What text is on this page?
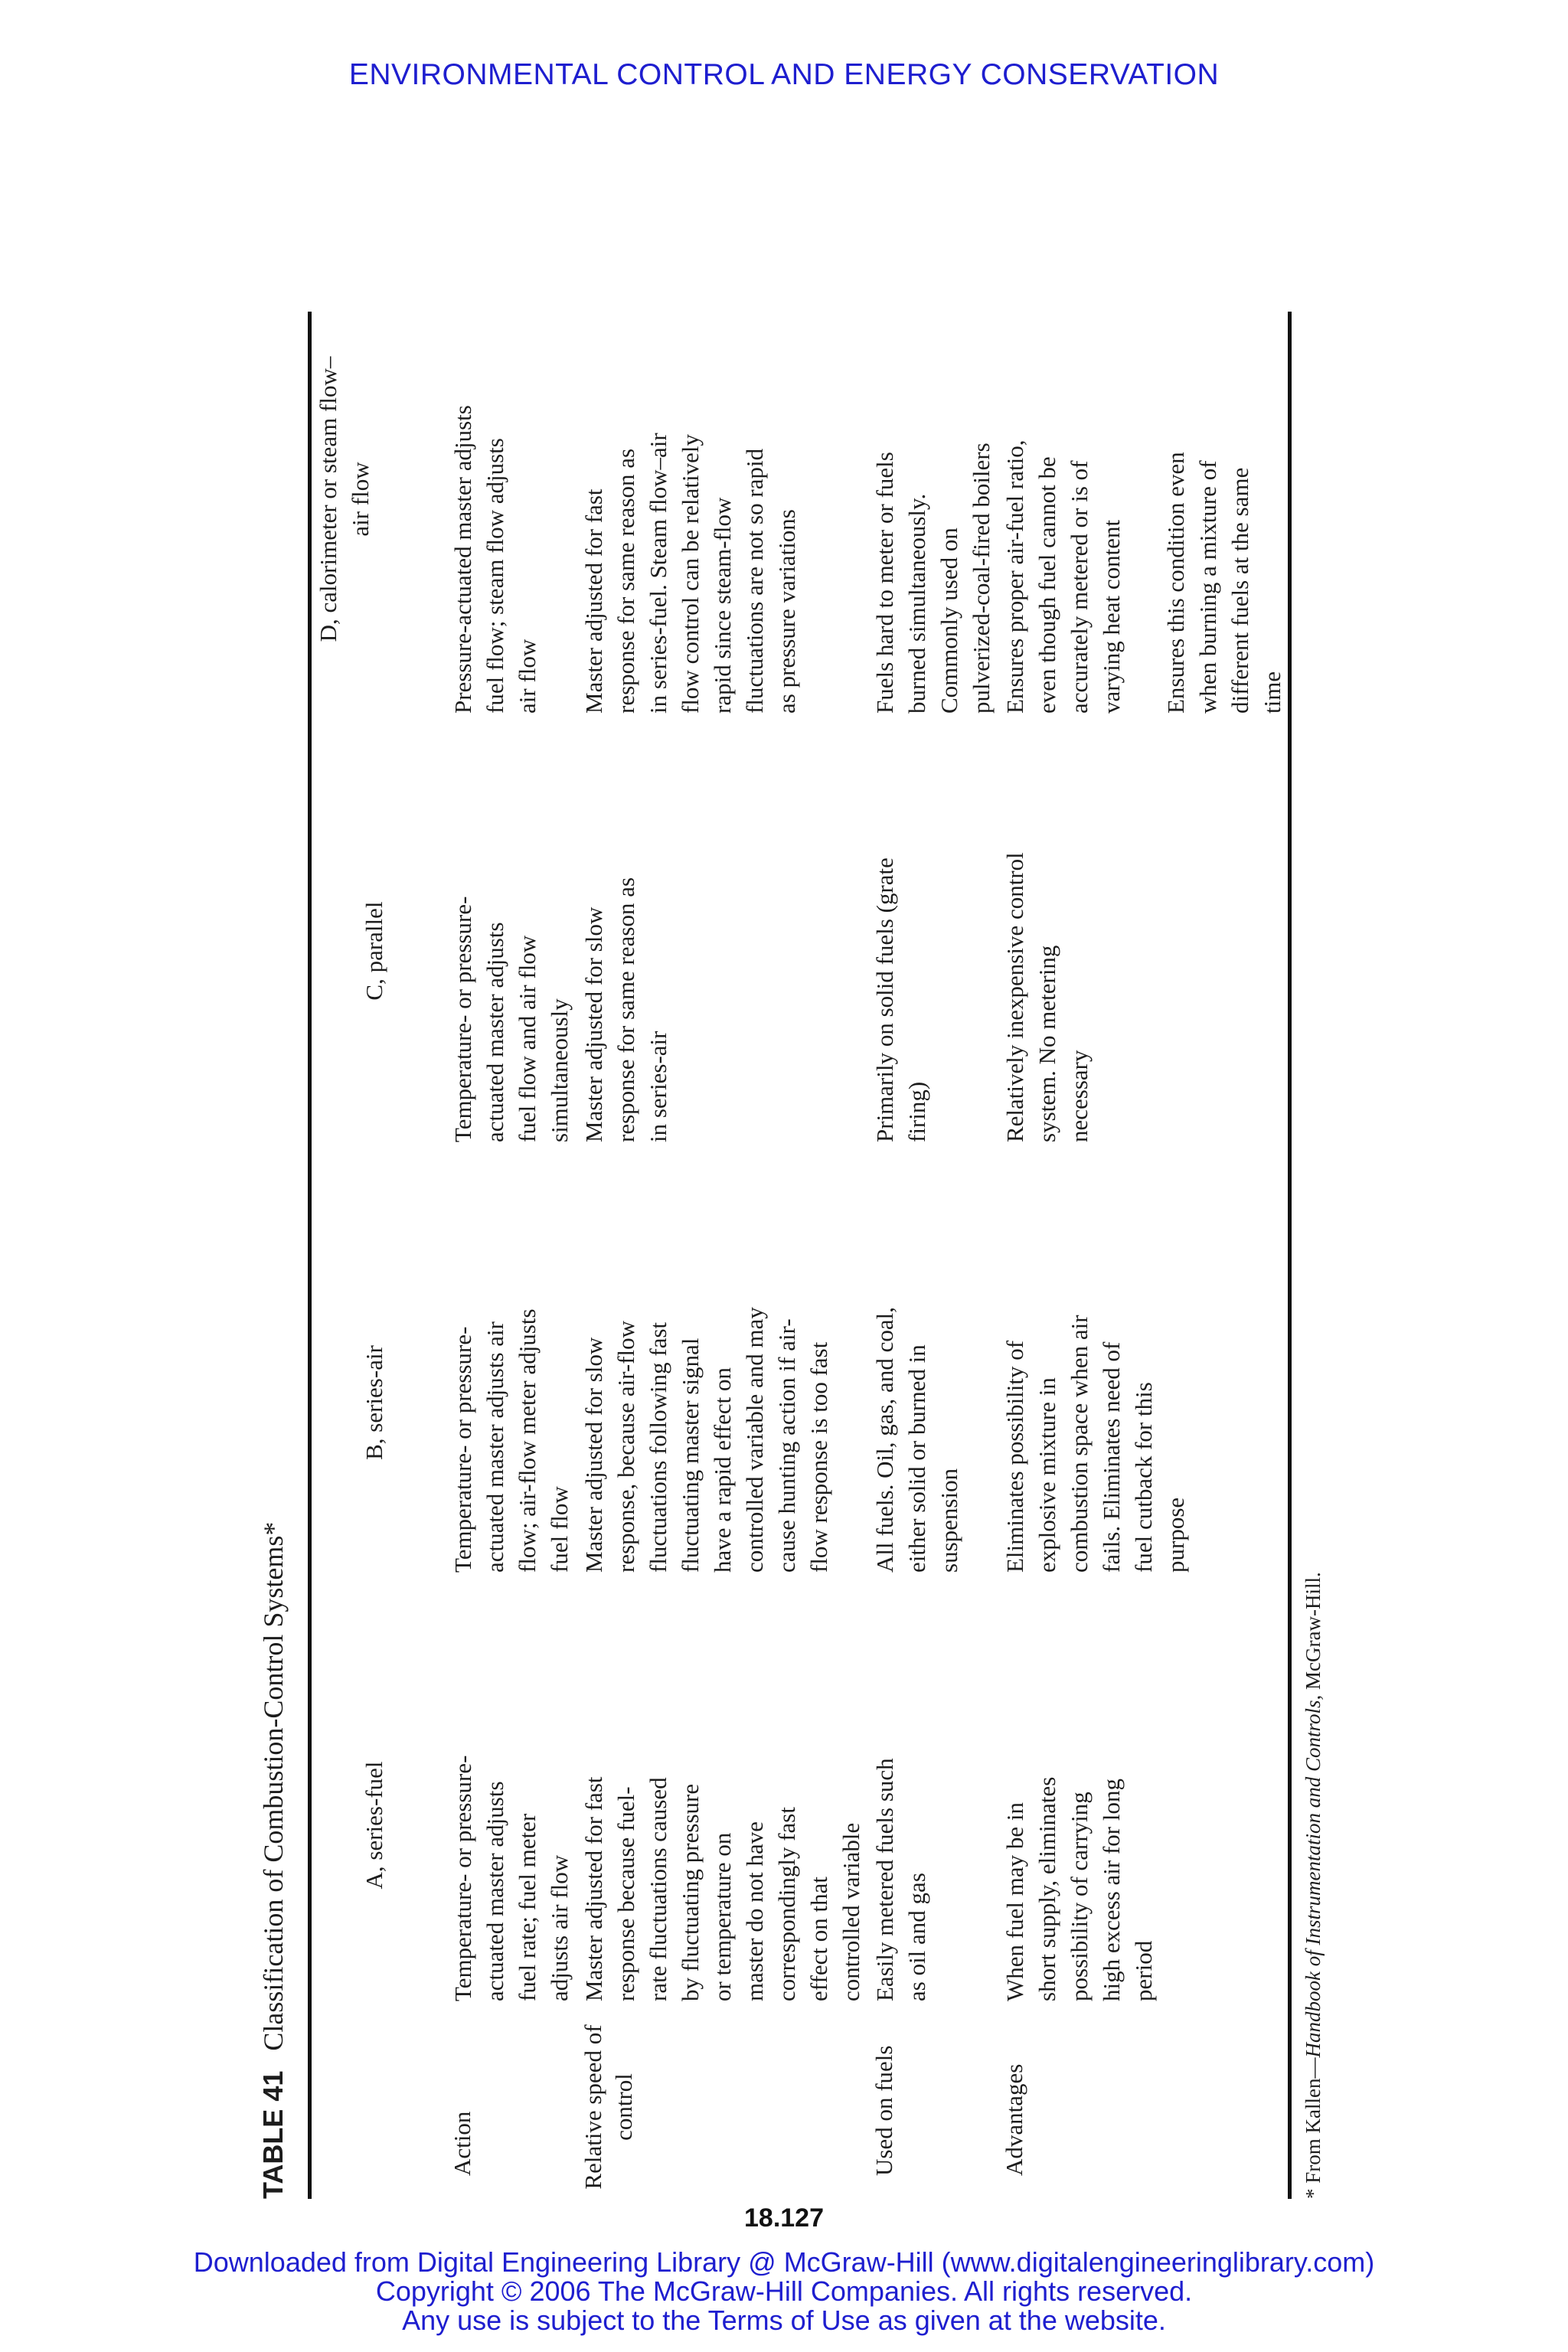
ENVIRONMENTAL CONTROL AND ENERGY CONSERVATION
TABLE 41Classification of Combustion-Control Systems*	A, series-fuel
B, series-air
C, parallel
D, calorimeter or steam flow–
air flow
Action
Temperature- or pressure-
actuated master adjusts
fuel rate; fuel meter
adjusts air flow
Temperature- or pressure-
actuated master adjusts air
flow; air-flow meter adjusts
fuel flow
Temperature- or pressure-
actuated master adjusts
fuel flow and air flow
simultaneously
Pressure-actuated master adjusts
fuel flow; steam flow adjusts
air flow
Relative speed of
control
Master adjusted for fast
response because fuel-
rate fluctuations caused
by fluctuating pressure
or temperature on
master do not have
correspondingly fast
effect on that
controlled variable
Master adjusted for slow
response, because air-flow
fluctuations following fast
fluctuating master signal
have a rapid effect on
controlled variable and may
cause hunting action if air-
flow response is too fast
Master adjusted for slow
response for same reason as
in series-air
Master adjusted for fast
response for same reason as
in series-fuel. Steam flow–air
flow control can be relatively
rapid since steam-flow
fluctuations are not so rapid
as pressure variations
Used on fuels
Easily metered fuels such
as oil and gas
All fuels. Oil, gas, and coal,
either solid or burned in
suspension
Primarily on solid fuels (grate
firing)
Fuels hard to meter or fuels
burned simultaneously.
Commonly used on
pulverized-coal-fired boilers
Advantages
When fuel may be in
short supply, eliminates
possibility of carrying
high excess air for long
period
Eliminates possibility of
explosive mixture in
combustion space when air
fails. Eliminates need of
fuel cutback for this
purpose
Relatively inexpensive control
system. No metering
necessary
Ensures proper air-fuel ratio,
even though fuel cannot be
accurately metered or is of
varying heat content

Ensures this condition even
when burning a mixture of
different fuels at the same
time
* From Kallen—Handbook of Instrumentation and Controls, McGraw-Hill.
18.127
Downloaded from Digital Engineering Library @ McGraw-Hill (www.digitalengineeringlibrary.com)
Copyright © 2006 The McGraw-Hill Companies. All rights reserved.
Any use is subject to the Terms of Use as given at the website.
